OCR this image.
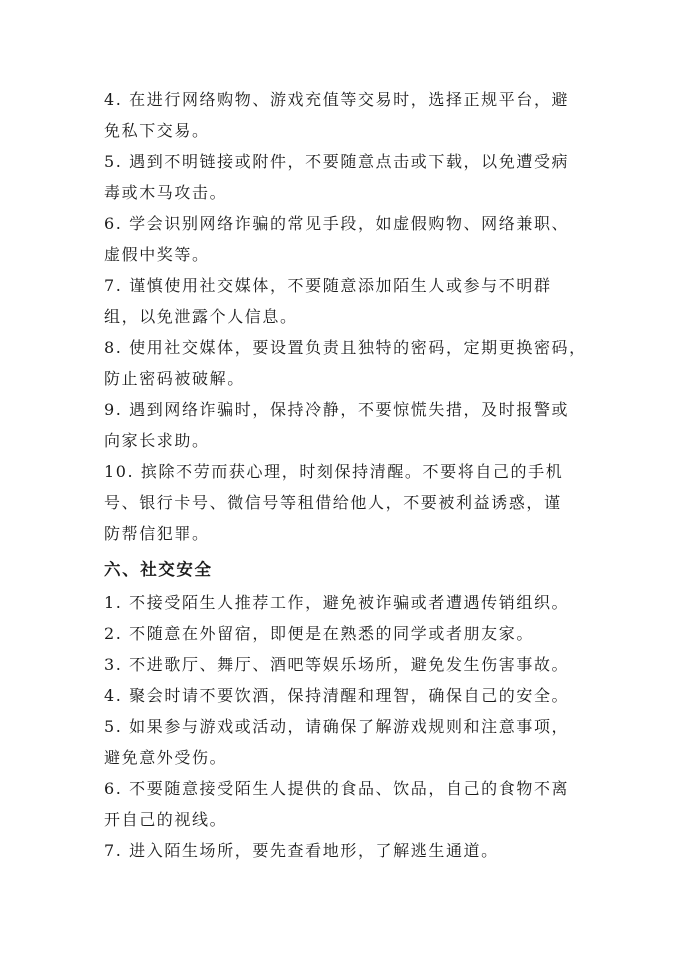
4. 在进行网络购物、游戏充值等交易时，选择正规平台，避
免私下交易。
5. 遇到不明链接或附件，不要随意点击或下载，以免遭受病
毒或木马攻击。
6. 学会识别网络诈骗的常见手段，如虚假购物、网络兼职、
虚假中奖等。
7. 谨慎使用社交媒体，不要随意添加陌生人或参与不明群
组，以免泄露个人信息。
8. 使用社交媒体，要设置负责且独特的密码，定期更换密码，
防止密码被破解。
9. 遇到网络诈骗时，保持冷静，不要惊慌失措，及时报警或
向家长求助。
10. 摈除不劳而获心理，时刻保持清醒。不要将自己的手机
号、银行卡号、微信号等租借给他人，不要被利益诱惑，谨
防帮信犯罪。
六、社交安全
1. 不接受陌生人推荐工作，避免被诈骗或者遭遇传销组织。
2. 不随意在外留宿，即便是在熟悉的同学或者朋友家。
3. 不进歌厅、舞厅、酒吧等娱乐场所，避免发生伤害事故。
4. 聚会时请不要饮酒，保持清醒和理智，确保自己的安全。
5. 如果参与游戏或活动，请确保了解游戏规则和注意事项，
避免意外受伤。
6. 不要随意接受陌生人提供的食品、饮品，自己的食物不离
开自己的视线。
7. 进入陌生场所，要先查看地形，了解逃生通道。
